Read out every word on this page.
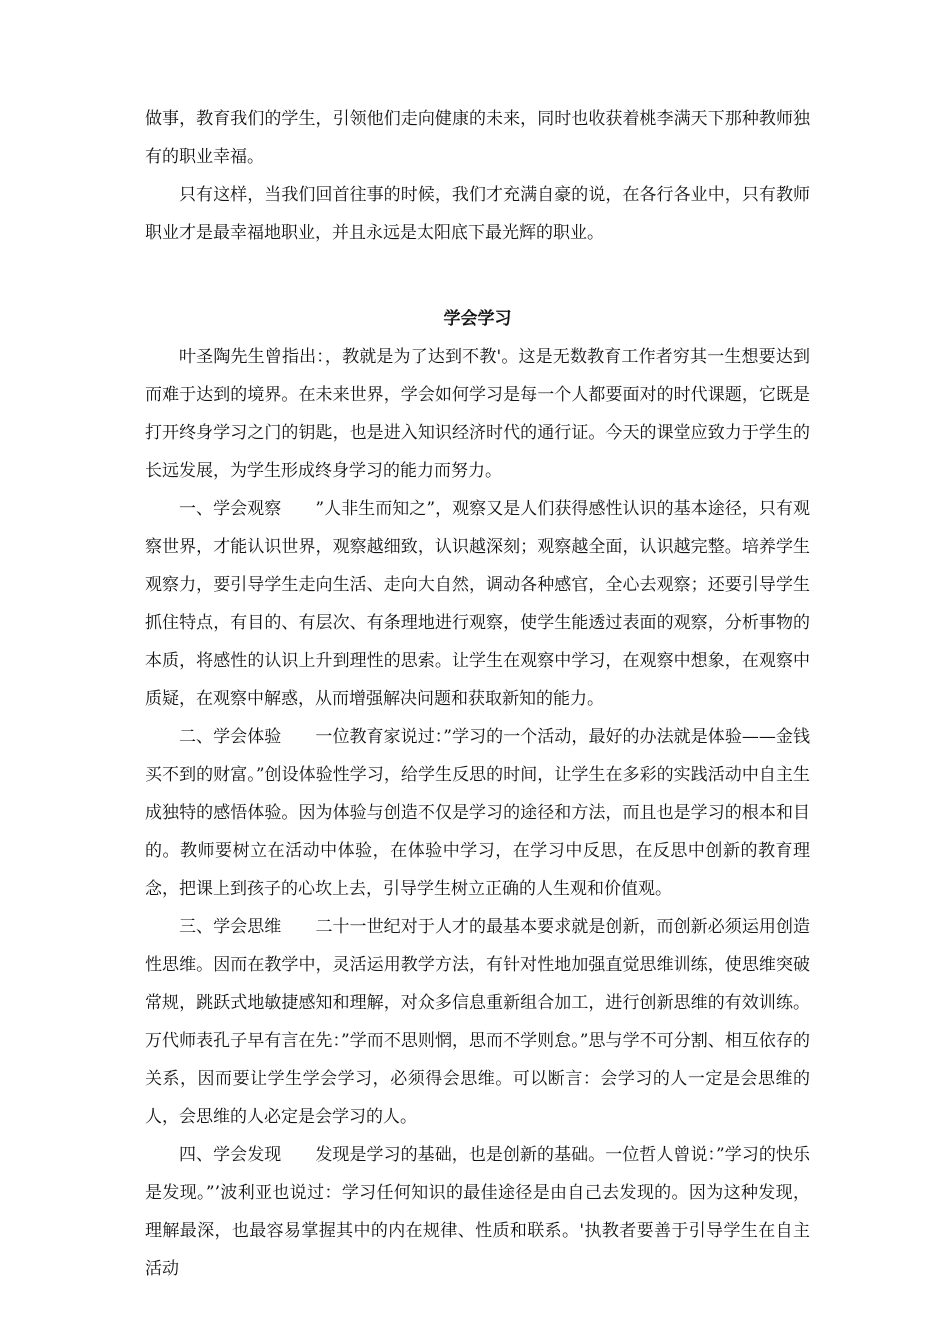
做事，教育我们的学生，引领他们走向健康的未来，同时也收获着桃李满天下那种教师独有的职业幸福。

只有这样，当我们回首往事的时候，我们才充满自豪的说，在各行各业中，只有教师职业才是最幸福地职业，并且永远是太阳底下最光辉的职业。

学会学习

叶圣陶先生曾指出：，教就是为了达到不教'。这是无数教育工作者穷其一生想要达到而难于达到的境界。在未来世界，学会如何学习是每一个人都要面对的时代课题，它既是打开终身学习之门的钥匙，也是进入知识经济时代的通行证。今天的课堂应致力于学生的长远发展，为学生形成终身学习的能力而努力。

一、学会观察　　”人非生而知之”，观察又是人们获得感性认识的基本途径，只有观察世界，才能认识世界，观察越细致，认识越深刻；观察越全面，认识越完整。培养学生观察力，要引导学生走向生活、走向大自然，调动各种感官，全心去观察；还要引导学生抓住特点，有目的、有层次、有条理地进行观察，使学生能透过表面的观察，分析事物的本质，将感性的认识上升到理性的思索。让学生在观察中学习，在观察中想象，在观察中质疑，在观察中解惑，从而增强解决问题和获取新知的能力。

二、学会体验　　一位教育家说过：”学习的一个活动，最好的办法就是体验——金钱买不到的财富。”创设体验性学习，给学生反思的时间，让学生在多彩的实践活动中自主生成独特的感悟体验。因为体验与创造不仅是学习的途径和方法，而且也是学习的根本和目的。教师要树立在活动中体验，在体验中学习，在学习中反思，在反思中创新的教育理念，把课上到孩子的心坎上去，引导学生树立正确的人生观和价值观。

三、学会思维　　二十一世纪对于人才的最基本要求就是创新，而创新必须运用创造性思维。因而在教学中，灵活运用教学方法，有针对性地加强直觉思维训练，使思维突破常规，跳跃式地敏捷感知和理解，对众多信息重新组合加工，进行创新思维的有效训练。 万代师表孔子早有言在先：”学而不思则惘，思而不学则怠。”思与学不可分割、相互依存的关系，因而要让学生学会学习，必须得会思维。可以断言：会学习的人一定是会思维的人，会思维的人必定是会学习的人。

四、学会发现　　发现是学习的基础，也是创新的基础。一位哲人曾说：”学习的快乐是发现。”’波利亚也说过：学习任何知识的最佳途径是由自己去发现的。因为这种发现，理解最深，也最容易掌握其中的内在规律、性质和联系。'执教者要善于引导学生在自主活动
